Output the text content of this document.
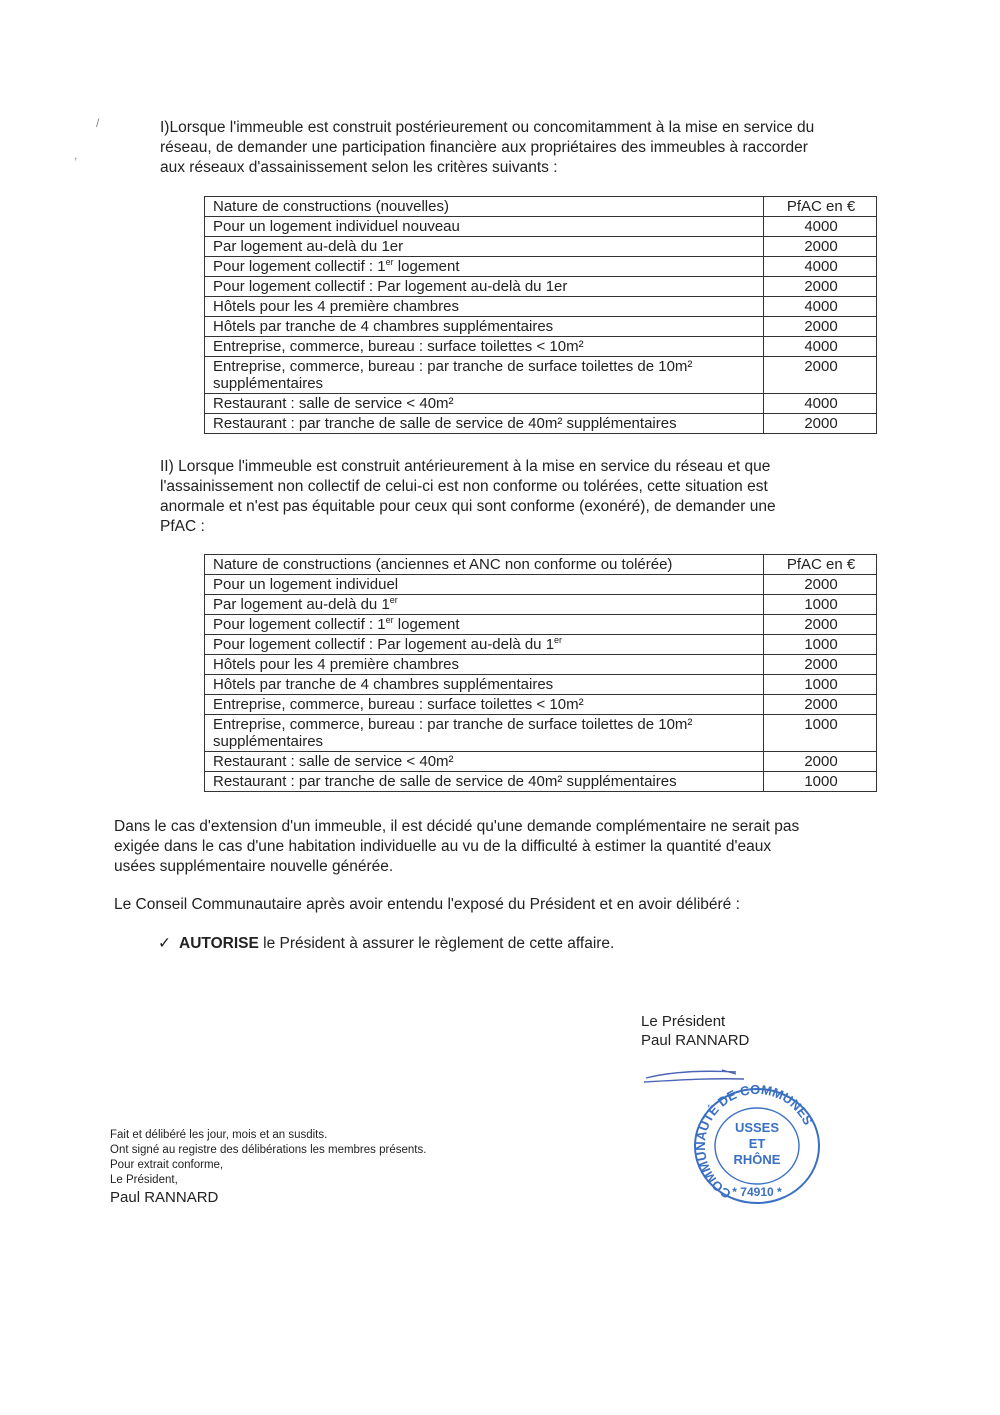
/
,
I)Lorsque l'immeuble est construit postérieurement ou concomitamment à la mise en service du
réseau, de demander une participation financière aux propriétaires des immeubles à raccorder
aux réseaux d'assainissement selon les critères suivants :
Nature de constructions (nouvelles)	PfAC en €
Pour un logement individuel nouveau	4000
Par logement au-delà du 1er	2000
Pour logement collectif : 1er logement	4000
Pour logement collectif : Par logement au-delà du 1er	2000
Hôtels pour les 4 première chambres	4000
Hôtels par tranche de 4 chambres supplémentaires	2000
Entreprise, commerce, bureau : surface toilettes < 10m²	4000
Entreprise, commerce, bureau : par tranche de surface toilettes de 10m² supplémentaires	2000
Restaurant : salle de service < 40m²	4000
Restaurant : par tranche de salle de service de 40m² supplémentaires	2000
II) Lorsque l'immeuble est construit antérieurement à la mise en service du réseau et que
l'assainissement non collectif de celui-ci est non conforme ou tolérées, cette situation est
anormale et n'est pas équitable pour ceux qui sont conforme (exonéré), de demander une
PfAC :
Nature de constructions (anciennes et ANC non conforme ou tolérée)	PfAC en €
Pour un logement individuel	2000
Par logement au-delà du 1er	1000
Pour logement collectif : 1er logement	2000
Pour logement collectif : Par logement au-delà du 1er	1000
Hôtels pour les 4 première chambres	2000
Hôtels par tranche de 4 chambres supplémentaires	1000
Entreprise, commerce, bureau : surface toilettes < 10m²	2000
Entreprise, commerce, bureau : par tranche de surface toilettes de 10m² supplémentaires	1000
Restaurant : salle de service < 40m²	2000
Restaurant : par tranche de salle de service de 40m² supplémentaires	1000
Dans le cas d'extension d'un immeuble, il est décidé qu'une demande complémentaire ne serait pas
exigée dans le cas d'une habitation individuelle au vu de la difficulté à estimer la quantité d'eaux
usées supplémentaire nouvelle générée.
Le Conseil Communautaire après avoir entendu l'exposé du Président et en avoir délibéré :
✓ AUTORISE le Président à assurer le règlement de cette affaire.
Le Président
Paul RANNARD
COMMUNAUTÉ DE COMMUNES
USSES
ET
RHÔNE
* 74910 *
Fait et délibéré les jour, mois et an susdits.
Ont signé au registre des délibérations les membres présents.
Pour extrait conforme,
Le Président,
Paul RANNARD
